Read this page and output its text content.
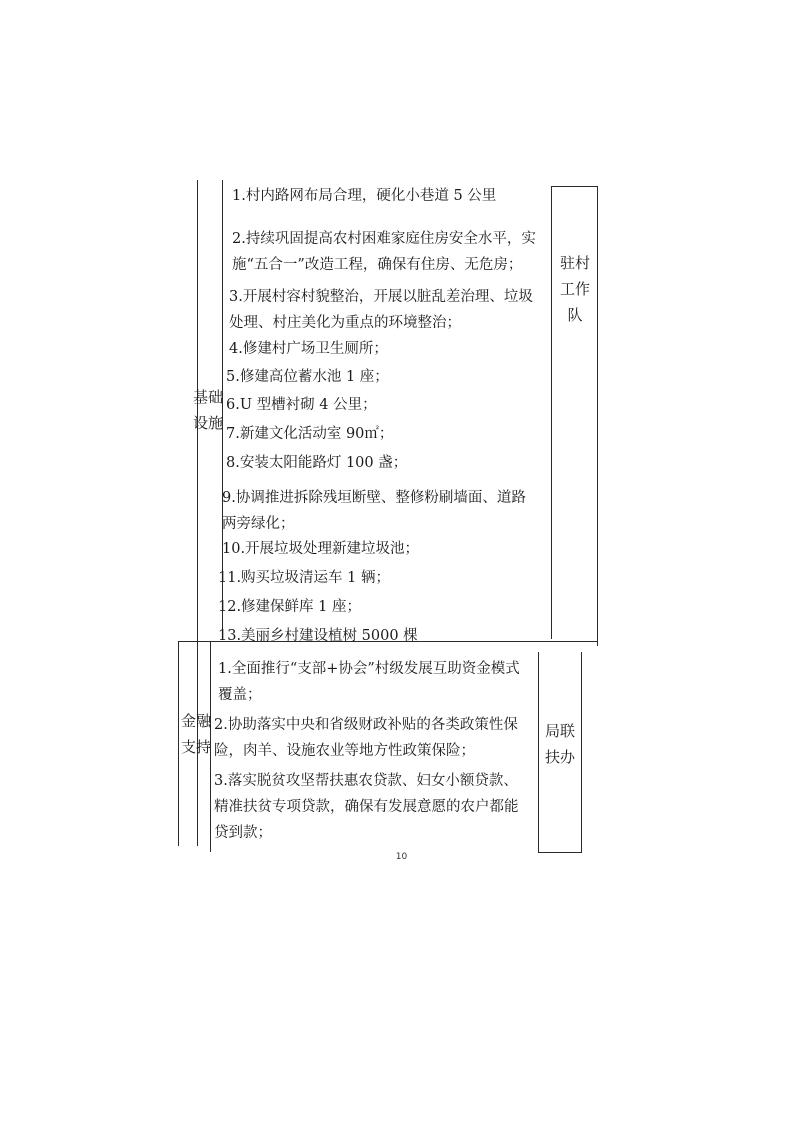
基础
设施
驻村
工作
队
1.村内路网布局合理，硬化小巷道 5 公里
2.持续巩固提高农村困难家庭住房安全水平，实
施“五合一”改造工程，确保有住房、无危房；
3.开展村容村貌整治，开展以脏乱差治理、垃圾
处理、村庄美化为重点的环境整治；
4.修建村广场卫生厕所；
5.修建高位蓄水池 1 座；
6.U 型槽衬砌 4 公里；
7.新建文化活动室 90㎡；
8.安装太阳能路灯 100 盏；
9.协调推进拆除残垣断壁、整修粉刷墙面、道路
两旁绿化；
10.开展垃圾处理新建垃圾池；
11.购买垃圾清运车 1 辆；
12.修建保鲜库 1 座；
13.美丽乡村建设植树 5000 棵
金融
支持
局联
扶办
1.全面推行“支部+协会”村级发展互助资金模式
覆盖；
2.协助落实中央和省级财政补贴的各类政策性保
险，肉羊、设施农业等地方性政策保险；
3.落实脱贫攻坚帮扶惠农贷款、妇女小额贷款、
精准扶贫专项贷款，确保有发展意愿的农户都能
贷到款；
10
